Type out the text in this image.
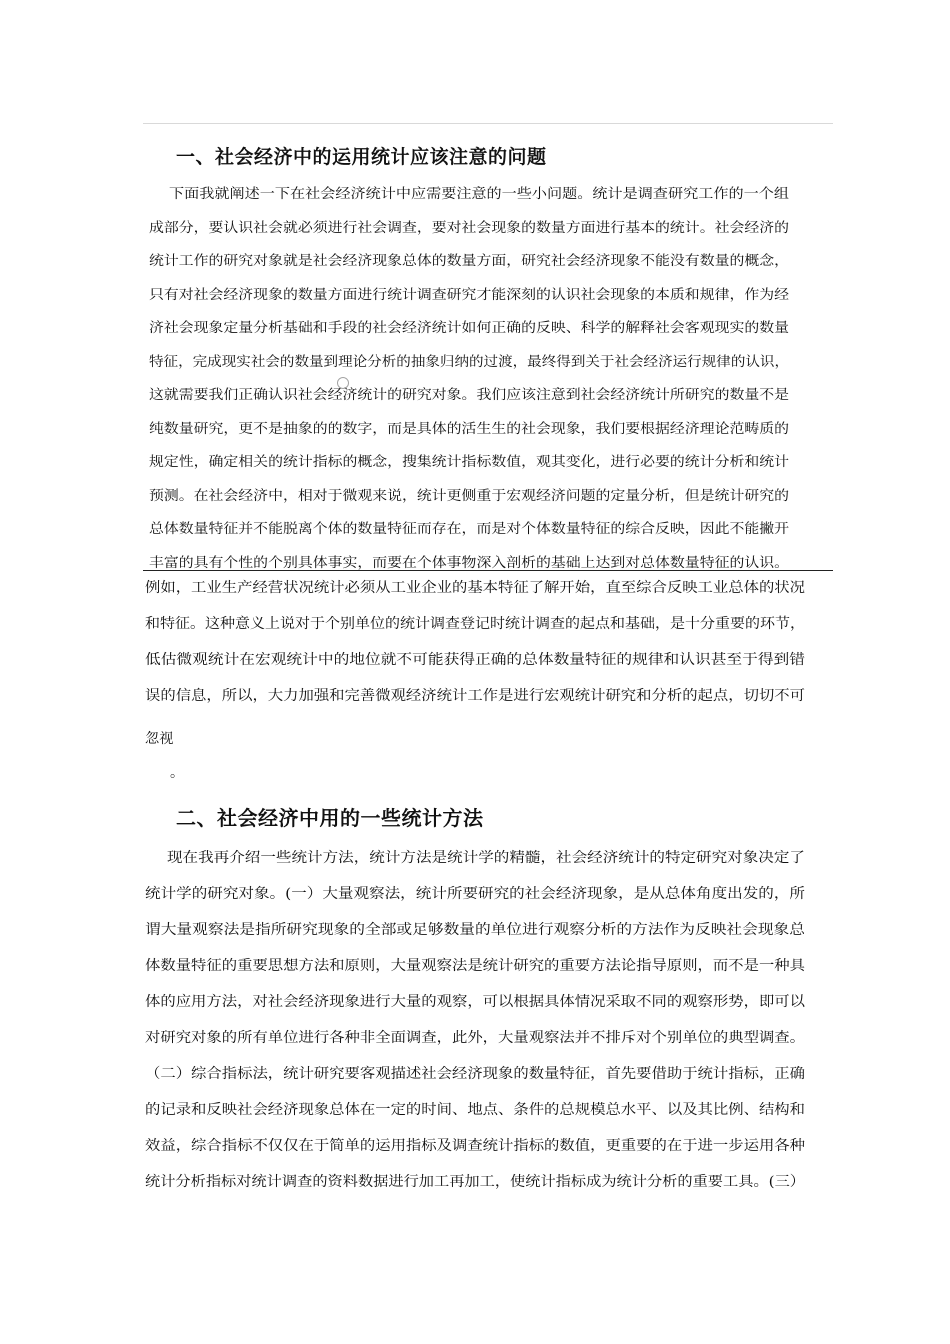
一、社会经济中的运用统计应该注意的问题
下面我就阐述一下在社会经济统计中应需要注意的一些小问题。统计是调查研究工作的一个组
成部分，要认识社会就必须进行社会调查，要对社会现象的数量方面进行基本的统计。社会经济的
统计工作的研究对象就是社会经济现象总体的数量方面，研究社会经济现象不能没有数量的概念，
只有对社会经济现象的数量方面进行统计调查研究才能深刻的认识社会现象的本质和规律，作为经
济社会现象定量分析基础和手段的社会经济统计如何正确的反映、科学的解释社会客观现实的数量
特征，完成现实社会的数量到理论分析的抽象归纳的过渡，最终得到关于社会经济运行规律的认识，
这就需要我们正确认识社会经济统计的研究对象。我们应该注意到社会经济统计所研究的数量不是
纯数量研究，更不是抽象的的数字，而是具体的活生生的社会现象，我们要根据经济理论范畴质的
规定性，确定相关的统计指标的概念，搜集统计指标数值，观其变化，进行必要的统计分析和统计
预测。在社会经济中，相对于微观来说，统计更侧重于宏观经济问题的定量分析，但是统计研究的
总体数量特征并不能脱离个体的数量特征而存在，而是对个体数量特征的综合反映，因此不能撇开
丰富的具有个性的个别具体事实，而要在个体事物深入剖析的基础上达到对总体数量特征的认识。
例如，工业生产经营状况统计必须从工业企业的基本特征了解开始，直至综合反映工业总体的状况
和特征。这种意义上说对于个别单位的统计调查登记时统计调查的起点和基础，是十分重要的环节，
低估微观统计在宏观统计中的地位就不可能获得正确的总体数量特征的规律和认识甚至于得到错
误的信息，所以，大力加强和完善微观经济统计工作是进行宏观统计研究和分析的起点，切切不可
忽视
。
二、社会经济中用的一些统计方法
现在我再介绍一些统计方法，统计方法是统计学的精髓，社会经济统计的特定研究对象决定了
统计学的研究对象。(一）大量观察法，统计所要研究的社会经济现象，是从总体角度出发的，所
谓大量观察法是指所研究现象的全部或足够数量的单位进行观察分析的方法作为反映社会现象总
体数量特征的重要思想方法和原则，大量观察法是统计研究的重要方法论指导原则，而不是一种具
体的应用方法，对社会经济现象进行大量的观察，可以根据具体情况采取不同的观察形势，即可以
对研究对象的所有单位进行各种非全面调查，此外，大量观察法并不排斥对个别单位的典型调查。
（二）综合指标法，统计研究要客观描述社会经济现象的数量特征，首先要借助于统计指标，正确
的记录和反映社会经济现象总体在一定的时间、地点、条件的总规模总水平、以及其比例、结构和
效益，综合指标不仅仅在于简单的运用指标及调查统计指标的数值，更重要的在于进一步运用各种
统计分析指标对统计调查的资料数据进行加工再加工，使统计指标成为统计分析的重要工具。(三）
